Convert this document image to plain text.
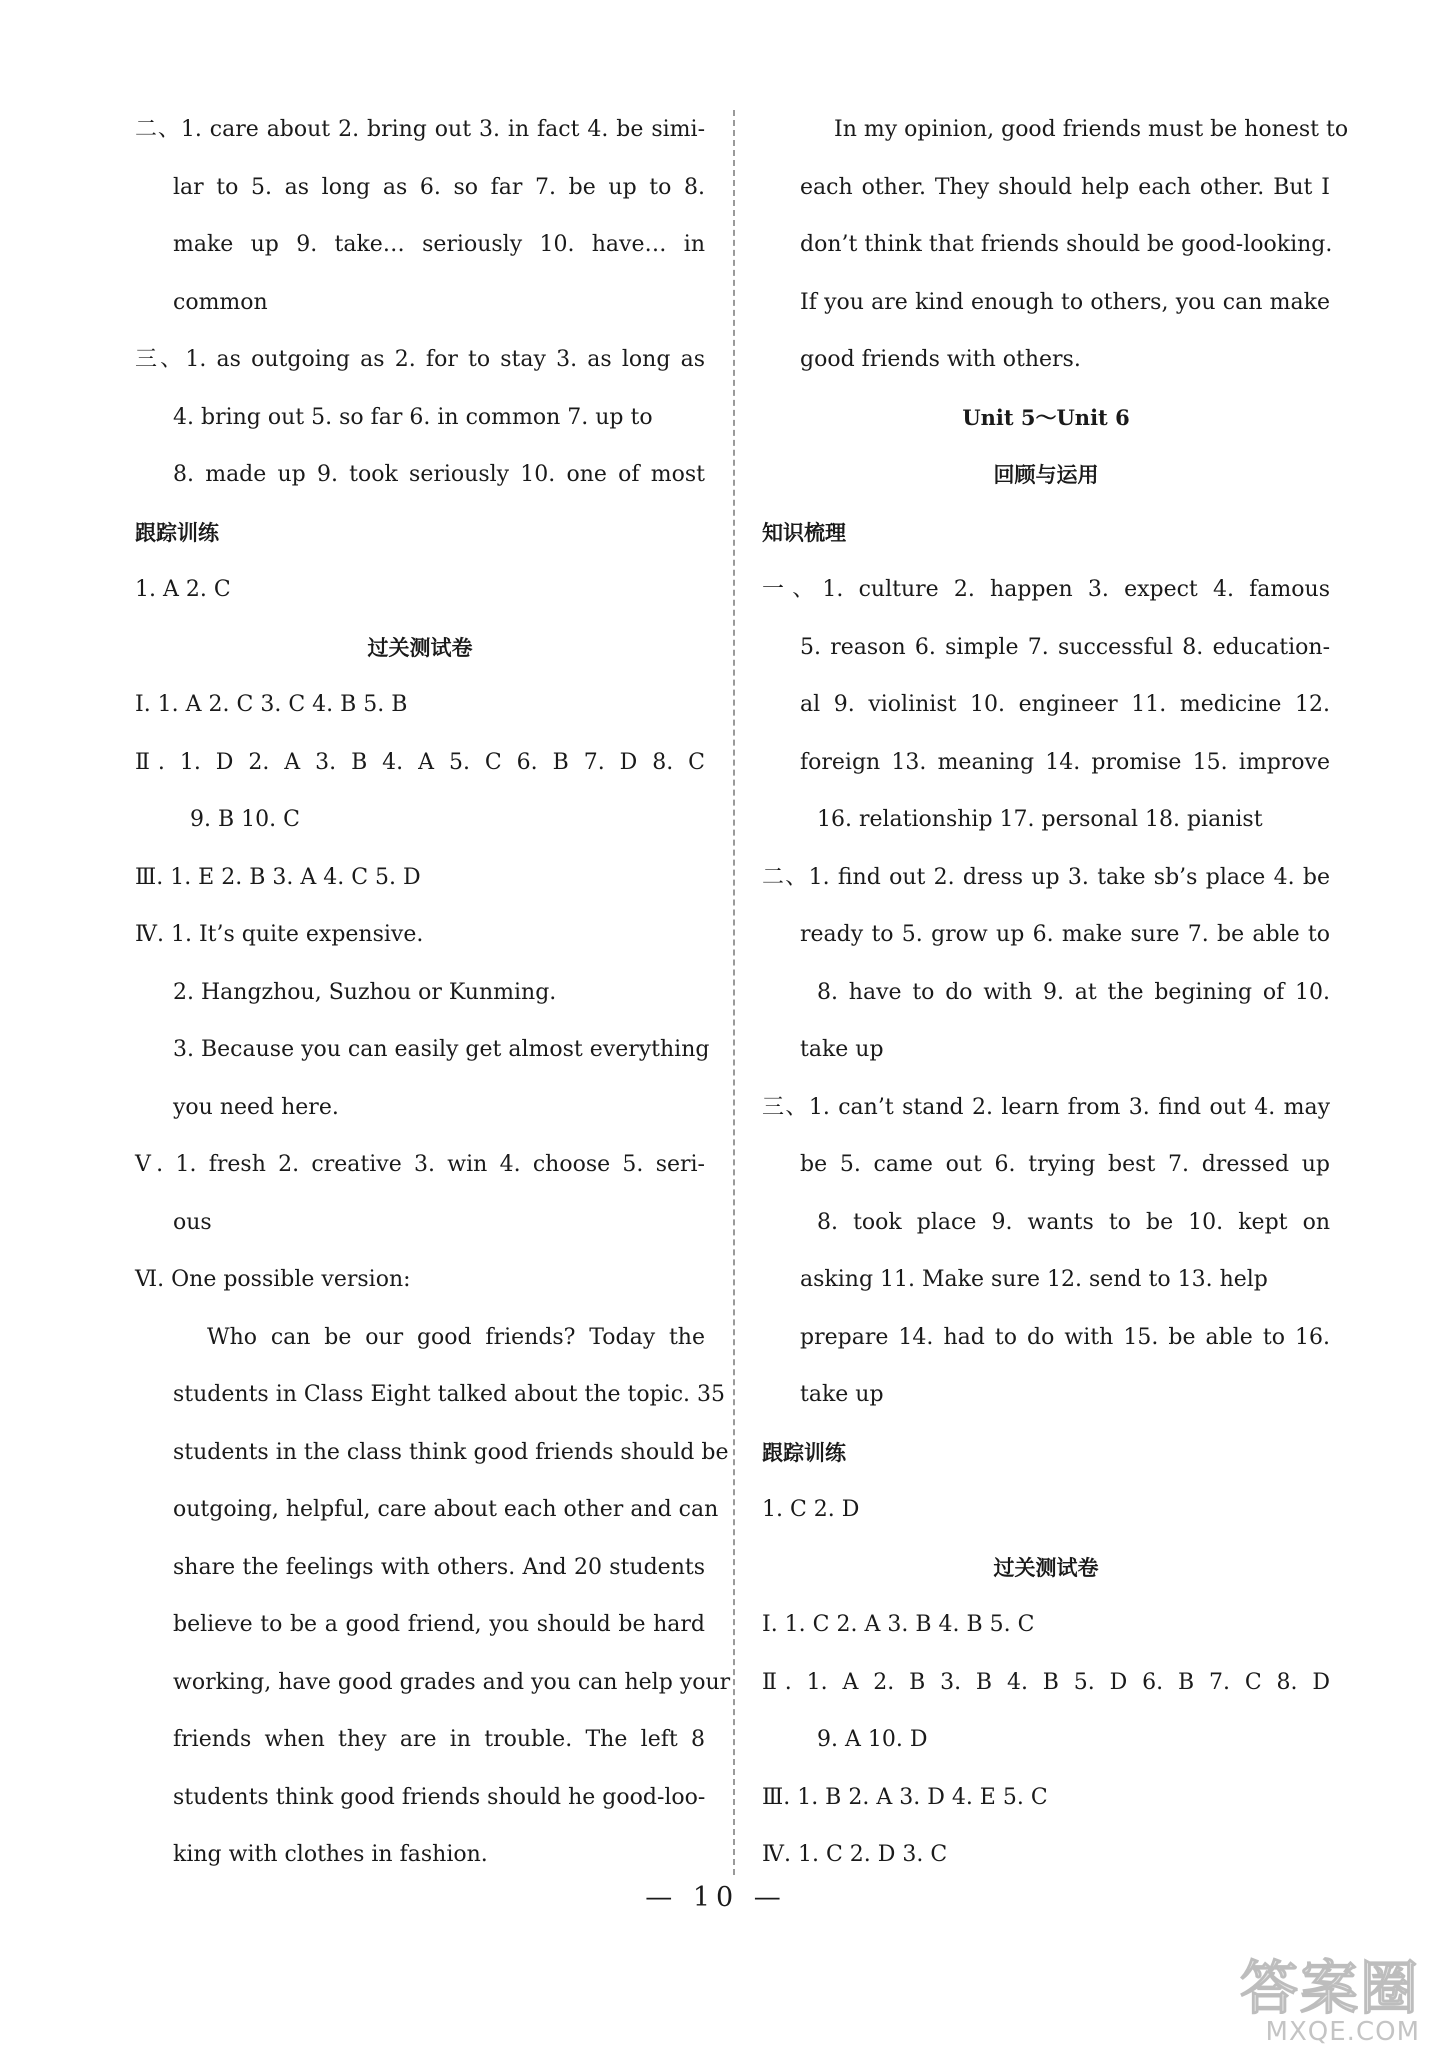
二、1. care about 2. bring out 3. in fact 4. be simi-
lar to 5. as long as 6. so far 7. be up to 8.
make up 9. take… seriously 10. have… in
common
三、1. as outgoing as 2. for to stay 3. as long as
4. bring out 5. so far 6. in common 7. up to
8. made up 9. took seriously 10. one of most
跟踪训练
1. A 2. C
过关测试卷
Ⅰ. 1. A 2. C 3. C 4. B 5. B
Ⅱ. 1. D 2. A 3. B 4. A 5. C 6. B 7. D 8. C
9. B 10. C
Ⅲ. 1. E 2. B 3. A 4. C 5. D
Ⅳ. 1. It’s quite expensive.
2. Hangzhou, Suzhou or Kunming.
3. Because you can easily get almost everything
you need here.
Ⅴ. 1. fresh 2. creative 3. win 4. choose 5. seri-
ous
Ⅵ. One possible version:
Who can be our good friends? Today the
students in Class Eight talked about the topic. 35
students in the class think good friends should be
outgoing, helpful, care about each other and can
share the feelings with others. And 20 students
believe to be a good friend, you should be hard
working, have good grades and you can help your
friends when they are in trouble. The left 8
students think good friends should he good-loo-
king with clothes in fashion.
In my opinion, good friends must be honest to
each other. They should help each other. But I
don’t think that friends should be good-looking.
If you are kind enough to others, you can make
good friends with others.
Unit 5～Unit 6
回顾与运用
知识梳理
一、1. culture 2. happen 3. expect 4. famous
5. reason 6. simple 7. successful 8. education-
al 9. violinist 10. engineer 11. medicine 12.
foreign 13. meaning 14. promise 15. improve
16. relationship 17. personal 18. pianist
二、1. find out 2. dress up 3. take sb’s place 4. be
ready to 5. grow up 6. make sure 7. be able to
8. have to do with 9. at the begining of 10.
take up
三、1. can’t stand 2. learn from 3. find out 4. may
be 5. came out 6. trying best 7. dressed up
8. took place 9. wants to be 10. kept on
asking 11. Make sure 12. send to 13. help
prepare 14. had to do with 15. be able to 16.
take up
跟踪训练
1. C 2. D
过关测试卷
Ⅰ. 1. C 2. A 3. B 4. B 5. C
Ⅱ. 1. A 2. B 3. B 4. B 5. D 6. B 7. C 8. D
9. A 10. D
Ⅲ. 1. B 2. A 3. D 4. E 5. C
Ⅳ. 1. C 2. D 3. C
— 10 —
答案圈
MXQE.COM
